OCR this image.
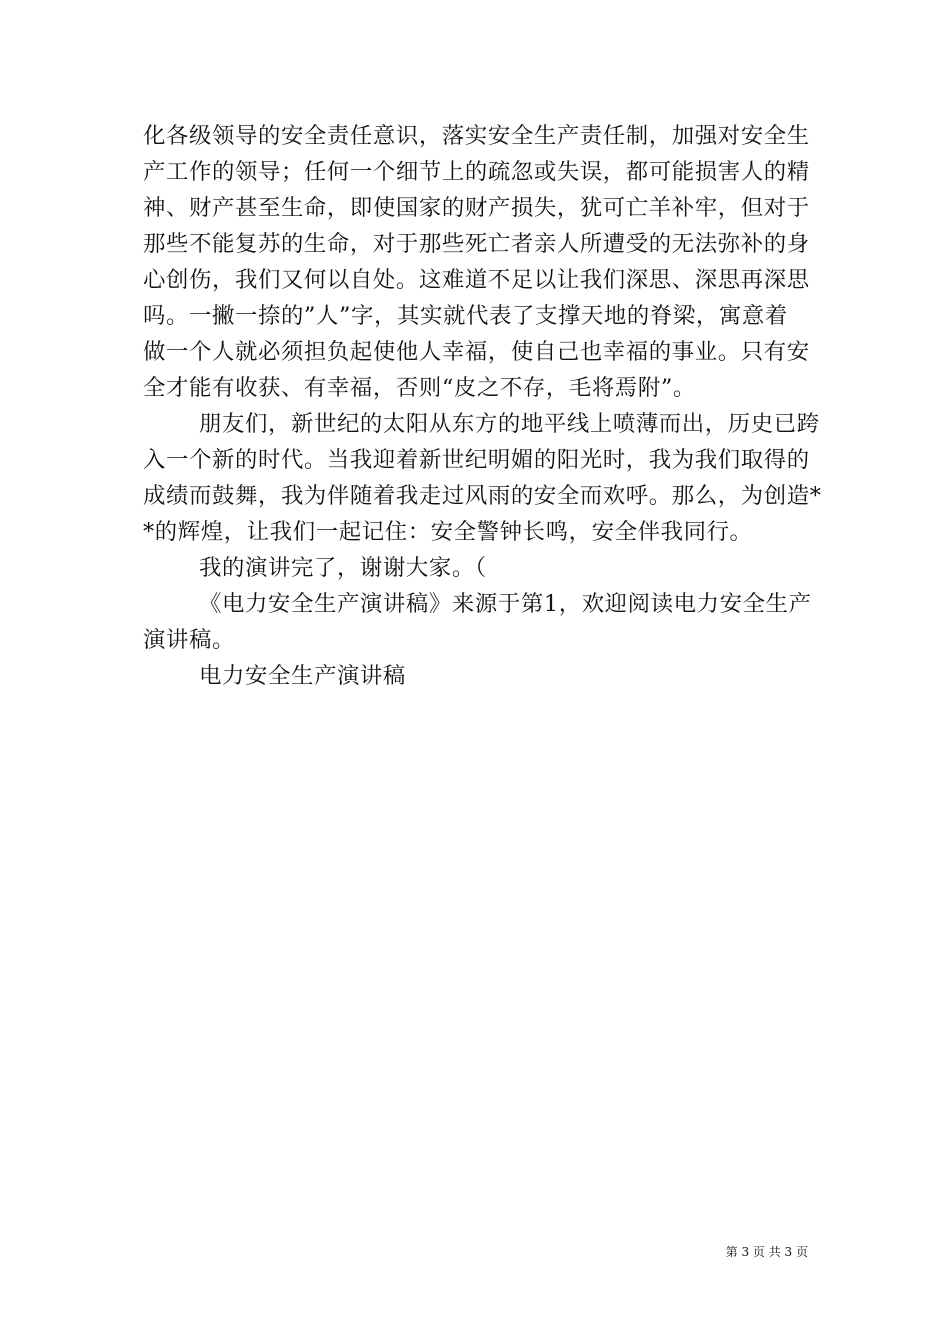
化各级领导的安全责任意识，落实安全生产责任制，加强对安全生
产工作的领导；任何一个细节上的疏忽或失误，都可能损害人的精
神、财产甚至生命，即使国家的财产损失，犹可亡羊补牢，但对于
那些不能复苏的生命，对于那些死亡者亲人所遭受的无法弥补的身
心创伤，我们又何以自处。这难道不足以让我们深思、深思再深思
吗。一撇一捺的”人”字，其实就代表了支撑天地的脊梁，寓意着
做一个人就必须担负起使他人幸福，使自己也幸福的事业。只有安
全才能有收获、有幸福，否则“皮之不存，毛将焉附”。
朋友们，新世纪的太阳从东方的地平线上喷薄而出，历史已跨
入一个新的时代。当我迎着新世纪明媚的阳光时，我为我们取得的
成绩而鼓舞，我为伴随着我走过风雨的安全而欢呼。那么，为创造*
*的辉煌，让我们一起记住：安全警钟长鸣，安全伴我同行。
我的演讲完了，谢谢大家。（
《电力安全生产演讲稿》来源于第1，欢迎阅读电力安全生产
演讲稿。
电力安全生产演讲稿
第 3 页 共 3 页
